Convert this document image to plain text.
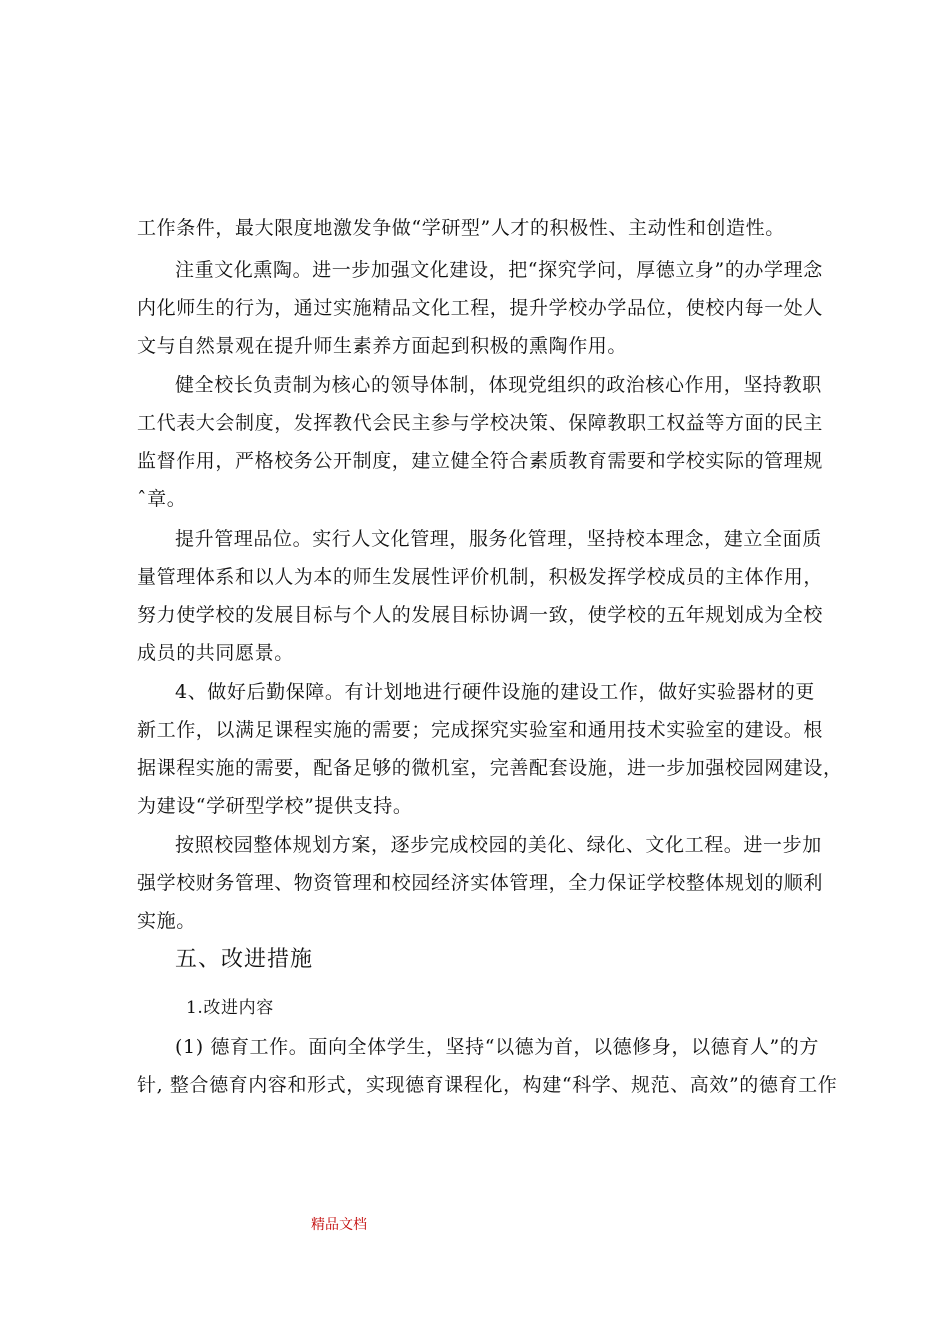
工作条件，最大限度地激发争做“学研型”人才的积极性、主动性和创造性。
注重文化熏陶。进一步加强文化建设，把“探究学问，厚德立身”的办学理念
内化师生的行为，通过实施精品文化工程，提升学校办学品位，使校内每一处人
文与自然景观在提升师生素养方面起到积极的熏陶作用。
健全校长负责制为核心的领导体制，体现党组织的政治核心作用，坚持教职
工代表大会制度，发挥教代会民主参与学校决策、保障教职工权益等方面的民主
监督作用，严格校务公开制度，建立健全符合素质教育需要和学校实际的管理规
ˆ章。
提升管理品位。实行人文化管理，服务化管理，坚持校本理念，建立全面质
量管理体系和以人为本的师生发展性评价机制，积极发挥学校成员的主体作用，
努力使学校的发展目标与个人的发展目标协调一致，使学校的五年规划成为全校
成员的共同愿景。
4、做好后勤保障。有计划地进行硬件设施的建设工作，做好实验器材的更
新工作，以满足课程实施的需要；完成探究实验室和通用技术实验室的建设。根
据课程实施的需要，配备足够的微机室，完善配套设施，进一步加强校园网建设，
为建设“学研型学校”提供支持。
按照校园整体规划方案，逐步完成校园的美化、绿化、文化工程。进一步加
强学校财务管理、物资管理和校园经济实体管理，全力保证学校整体规划的顺利
实施。
五、改进措施
1.改进内容
(1) 德育工作。面向全体学生，坚持“以德为首，以德修身，以德育人”的方
针, 整合德育内容和形式，实现德育课程化，构建“科学、规范、高效”的德育工作
精品文档
